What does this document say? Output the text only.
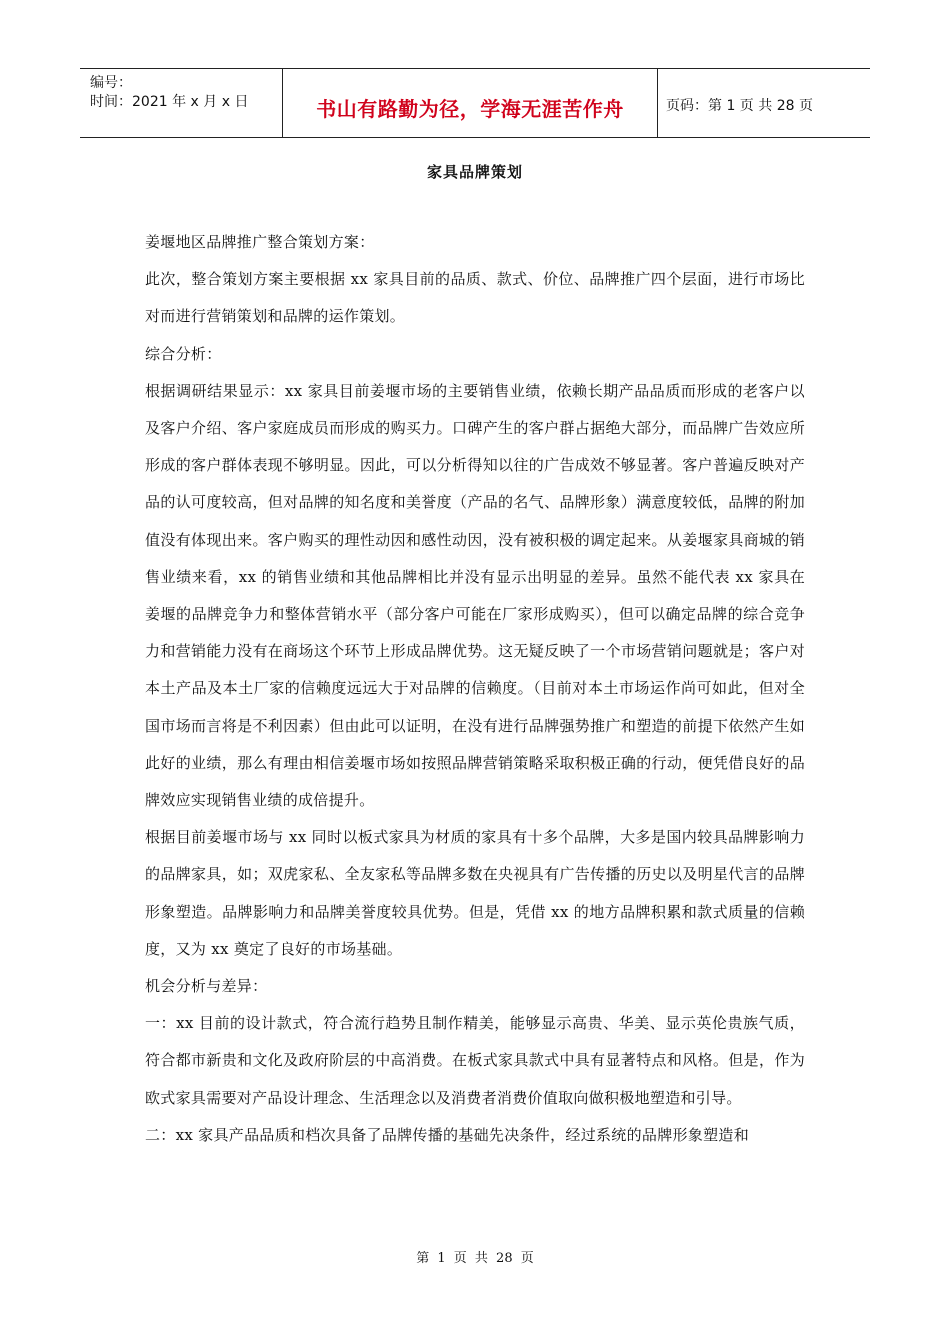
编号：
时间：2021 年 x 月 x 日	书山有路勤为径，学海无涯苦作舟	页码：第 1 页 共 28 页
家具品牌策划

姜堰地区品牌推广整合策划方案：

此次，整合策划方案主要根据 xx 家具目前的品质、款式、价位、品牌推广四个层面，进行市场比对而进行营销策划和品牌的运作策划。

综合分析：

根据调研结果显示：xx 家具目前姜堰市场的主要销售业绩，依赖长期产品品质而形成的老客户以及客户介绍、客户家庭成员而形成的购买力。口碑产生的客户群占据绝大部分，而品牌广告效应所形成的客户群体表现不够明显。因此，可以分析得知以往的广告成效不够显著。客户普遍反映对产品的认可度较高，但对品牌的知名度和美誉度（产品的名气、品牌形象）满意度较低，品牌的附加值没有体现出来。客户购买的理性动因和感性动因，没有被积极的调定起来。从姜堰家具商城的销售业绩来看，xx 的销售业绩和其他品牌相比并没有显示出明显的差异。虽然不能代表 xx 家具在姜堰的品牌竞争力和整体营销水平（部分客户可能在厂家形成购买），但可以确定品牌的综合竞争力和营销能力没有在商场这个环节上形成品牌优势。这无疑反映了一个市场营销问题就是；客户对本土产品及本土厂家的信赖度远远大于对品牌的信赖度。（目前对本土市场运作尚可如此，但对全国市场而言将是不利因素）但由此可以证明，在没有进行品牌强势推广和塑造的前提下依然产生如此好的业绩，那么有理由相信姜堰市场如按照品牌营销策略采取积极正确的行动，便凭借良好的品牌效应实现销售业绩的成倍提升。

根据目前姜堰市场与 xx 同时以板式家具为材质的家具有十多个品牌，大多是国内较具品牌影响力的品牌家具，如；双虎家私、全友家私等品牌多数在央视具有广告传播的历史以及明星代言的品牌形象塑造。品牌影响力和品牌美誉度较具优势。但是，凭借 xx 的地方品牌积累和款式质量的信赖度，又为 xx 奠定了良好的市场基础。

机会分析与差异：

一：xx 目前的设计款式，符合流行趋势且制作精美，能够显示高贵、华美、显示英伦贵族气质，符合都市新贵和文化及政府阶层的中高消费。在板式家具款式中具有显著特点和风格。但是，作为欧式家具需要对产品设计理念、生活理念以及消费者消费价值取向做积极地塑造和引导。

二：xx 家具产品品质和档次具备了品牌传播的基础先决条件，经过系统的品牌形象塑造和

第 1 页 共 28 页
